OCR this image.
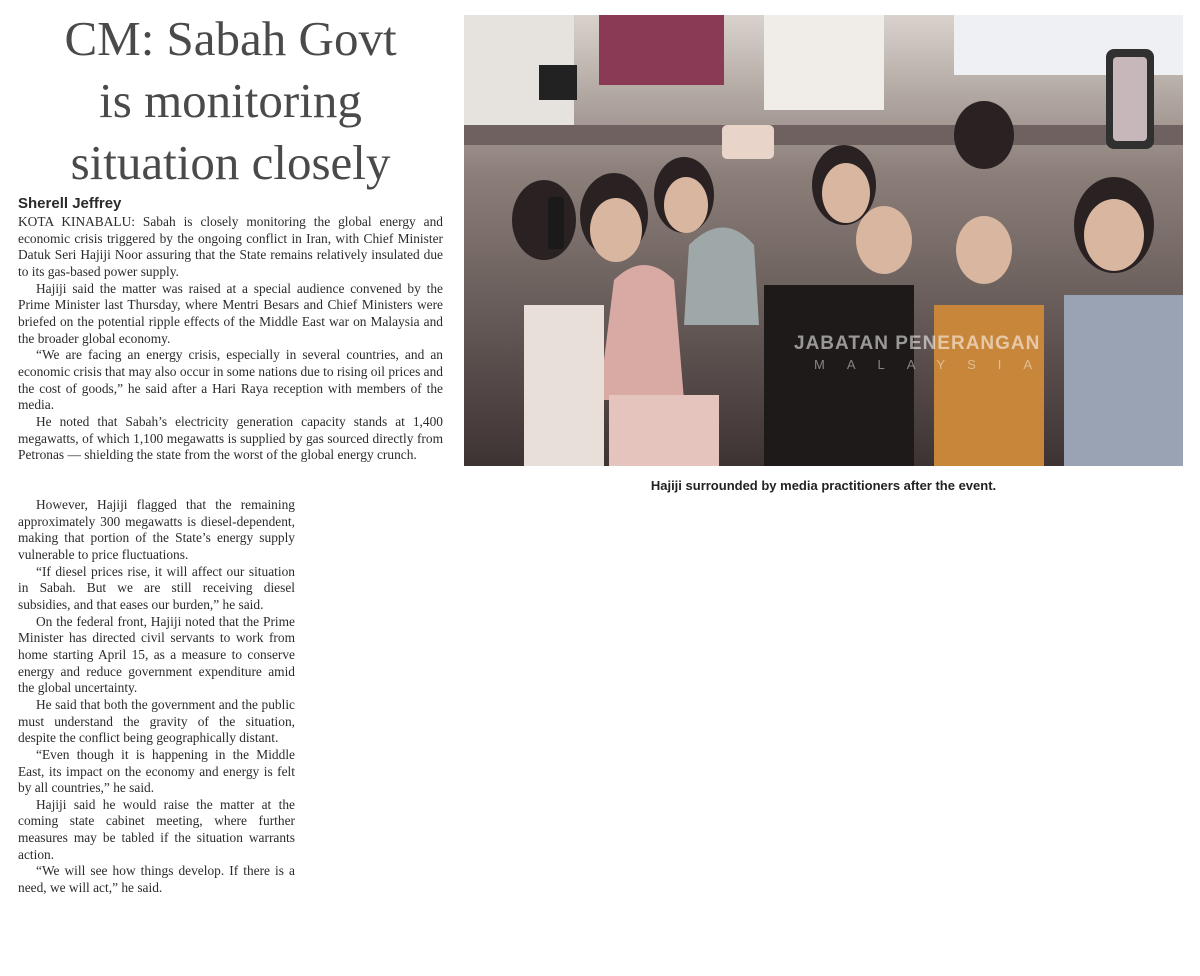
CM: Sabah Govt
is monitoring
situation closely
Sherell Jeffrey

KOTA KINABALU: Sabah is closely monitoring the global energy and economic crisis triggered by the ongoing conflict in Iran, with Chief Minister Datuk Seri Hajiji Noor assuring that the State remains relatively insulated due to its gas-based power supply.

Hajiji said the matter was raised at a special audience convened by the Prime Minister last Thursday, where Mentri Besars and Chief Ministers were briefed on the potential ripple effects of the Middle East war on Malaysia and the broader global economy.

“We are facing an energy crisis, especially in several countries, and an economic crisis that may also occur in some nations due to rising oil prices and the cost of goods,” he said after a Hari Raya reception with members of the media.

He noted that Sabah’s electricity generation capacity stands at 1,400 megawatts, of which 1,100 megawatts is supplied by gas sourced directly from Petronas — shielding the state from the worst of the global energy crunch.

However, Hajiji flagged that the remaining approximately 300 megawatts is diesel-dependent, making that portion of the State’s energy supply vulnerable to price fluctuations.

“If diesel prices rise, it will affect our situation in Sabah. But we are still receiving diesel subsidies, and that eases our burden,” he said.

On the federal front, Hajiji noted that the Prime Minister has directed civil servants to work from home starting April 15, as a measure to conserve energy and reduce government expenditure amid the global uncertainty.

He said that both the government and the public must understand the gravity of the situation, despite the conflict being geographically distant.

“Even though it is happening in the Middle East, its impact on the economy and energy is felt by all countries,” he said.

Hajiji said he would raise the matter at the coming state cabinet meeting, where further measures may be tabled if the situation warrants action.

“We will see how things develop. If there is a need, we will act,” he said.

JABATAN PENERANGAN
MALAYSIA
Hajiji surrounded by media practitioners after the event.
